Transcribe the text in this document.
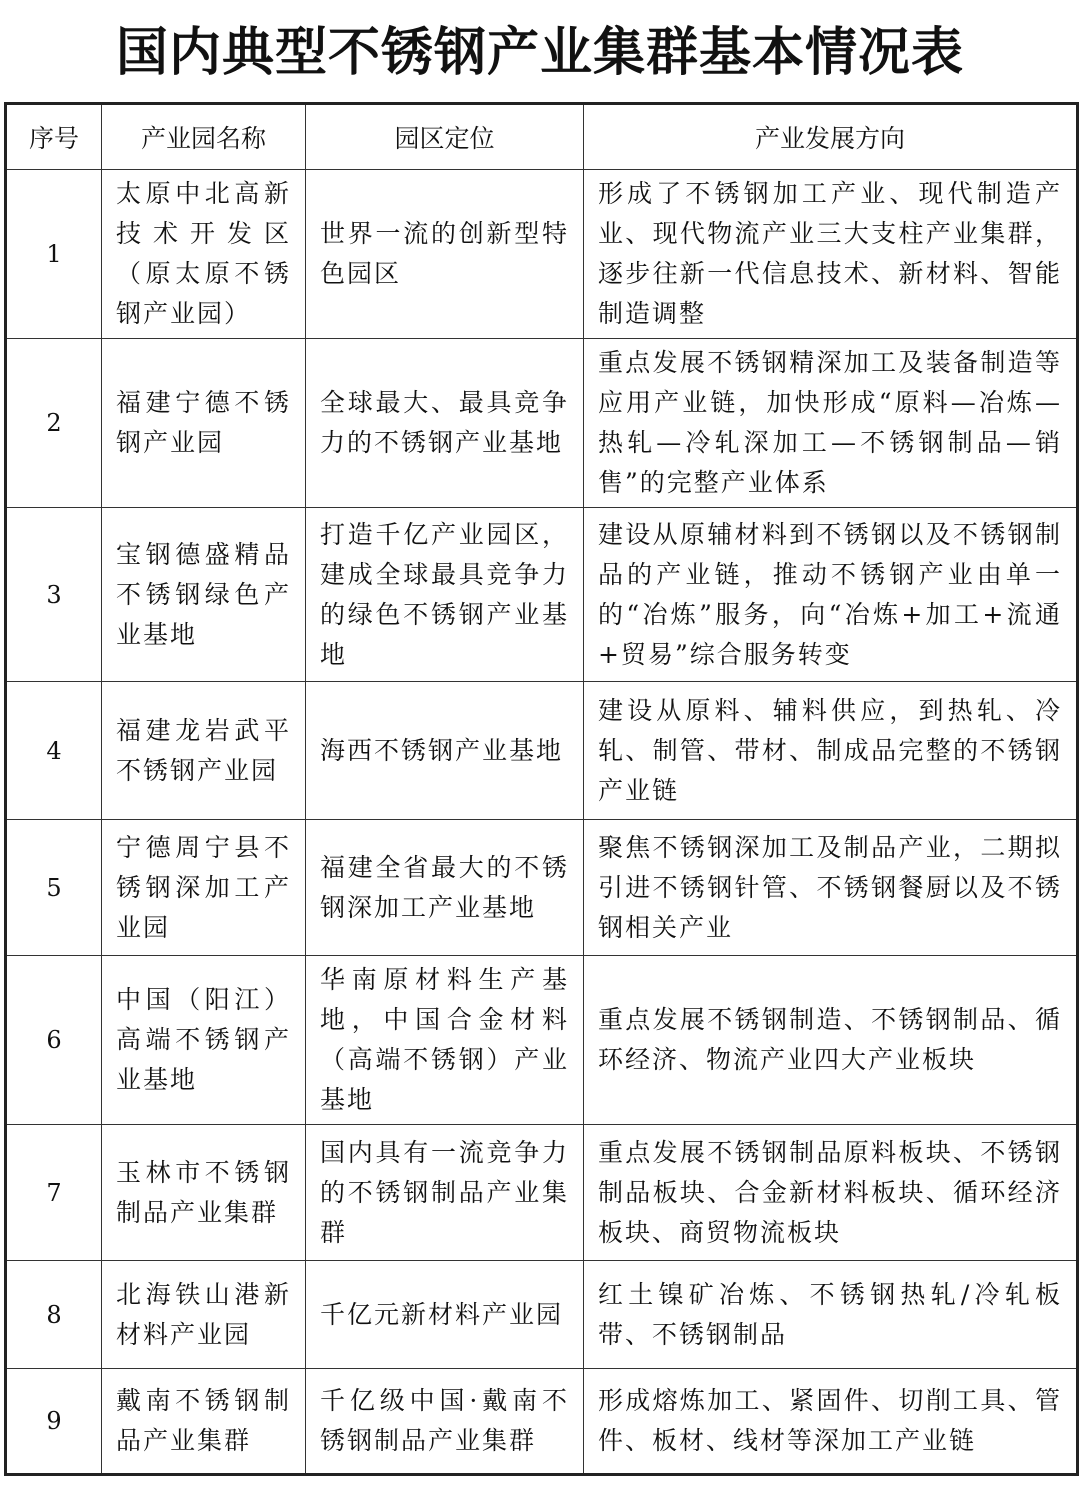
国内典型不锈钢产业集群基本情况表
序号	产业园名称	园区定位	产业发展方向
1	太原中北高新技术开发区（原太原不锈钢产业园）	世界一流的创新型特色园区	形成了不锈钢加工产业、现代制造产业、现代物流产业三大支柱产业集群，逐步往新一代信息技术、新材料、智能制造调整
2	福建宁德不锈钢产业园	全球最大、最具竞争力的不锈钢产业基地	重点发展不锈钢精深加工及装备制造等应用产业链，加快形成“原料—冶炼—热轧—冷轧深加工—不锈钢制品—销售”的完整产业体系
3	宝钢德盛精品不锈钢绿色产业基地	打造千亿产业园区，建成全球最具竞争力的绿色不锈钢产业基地	建设从原辅材料到不锈钢以及不锈钢制品的产业链，推动不锈钢产业由单一的“冶炼”服务，向“冶炼+加工+流通+贸易”综合服务转变
4	福建龙岩武平不锈钢产业园	海西不锈钢产业基地	建设从原料、辅料供应，到热轧、冷轧、制管、带材、制成品完整的不锈钢产业链
5	宁德周宁县不锈钢深加工产业园	福建全省最大的不锈钢深加工产业基地	聚焦不锈钢深加工及制品产业，二期拟引进不锈钢针管、不锈钢餐厨以及不锈钢相关产业
6	中国（阳江）高端不锈钢产业基地	华南原材料生产基地，中国合金材料（高端不锈钢）产业基地	重点发展不锈钢制造、不锈钢制品、循环经济、物流产业四大产业板块
7	玉林市不锈钢制品产业集群	国内具有一流竞争力的不锈钢制品产业集群	重点发展不锈钢制品原料板块、不锈钢制品板块、合金新材料板块、循环经济板块、商贸物流板块
8	北海铁山港新材料产业园	千亿元新材料产业园	红土镍矿冶炼、不锈钢热轧/冷轧板带、不锈钢制品
9	戴南不锈钢制品产业集群	千亿级中国·戴南不锈钢制品产业集群	形成熔炼加工、紧固件、切削工具、管件、板材、线材等深加工产业链
